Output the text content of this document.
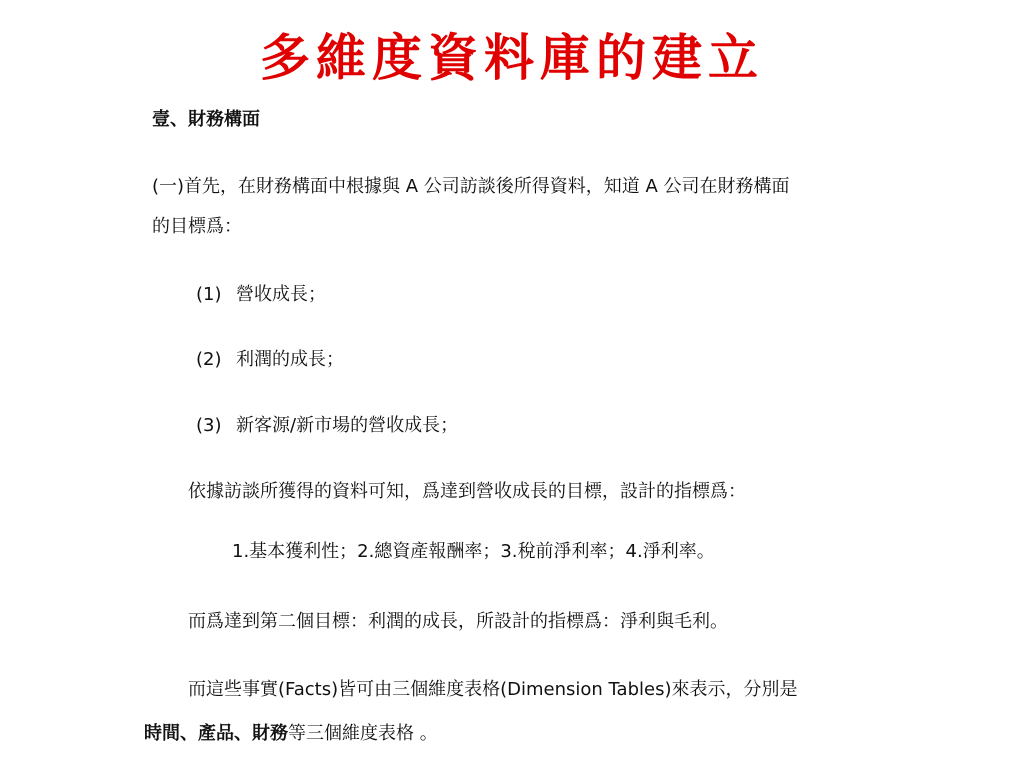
多維度資料庫的建立
壹、財務構面
(一)首先，在財務構面中根據與 A 公司訪談後所得資料，知道 A 公司在財務構面
的目標爲：
(1) 營收成長；
(2) 利潤的成長；
(3) 新客源/新市場的營收成長；
依據訪談所獲得的資料可知，爲達到營收成長的目標，設計的指標爲：
1.基本獲利性；2.總資產報酬率；3.稅前淨利率；4.淨利率。
而爲達到第二個目標：利潤的成長，所設計的指標爲：淨利與毛利。
而這些事實(Facts)皆可由三個維度表格(Dimension Tables)來表示，分別是
時間、產品、財務等三個維度表格 。
